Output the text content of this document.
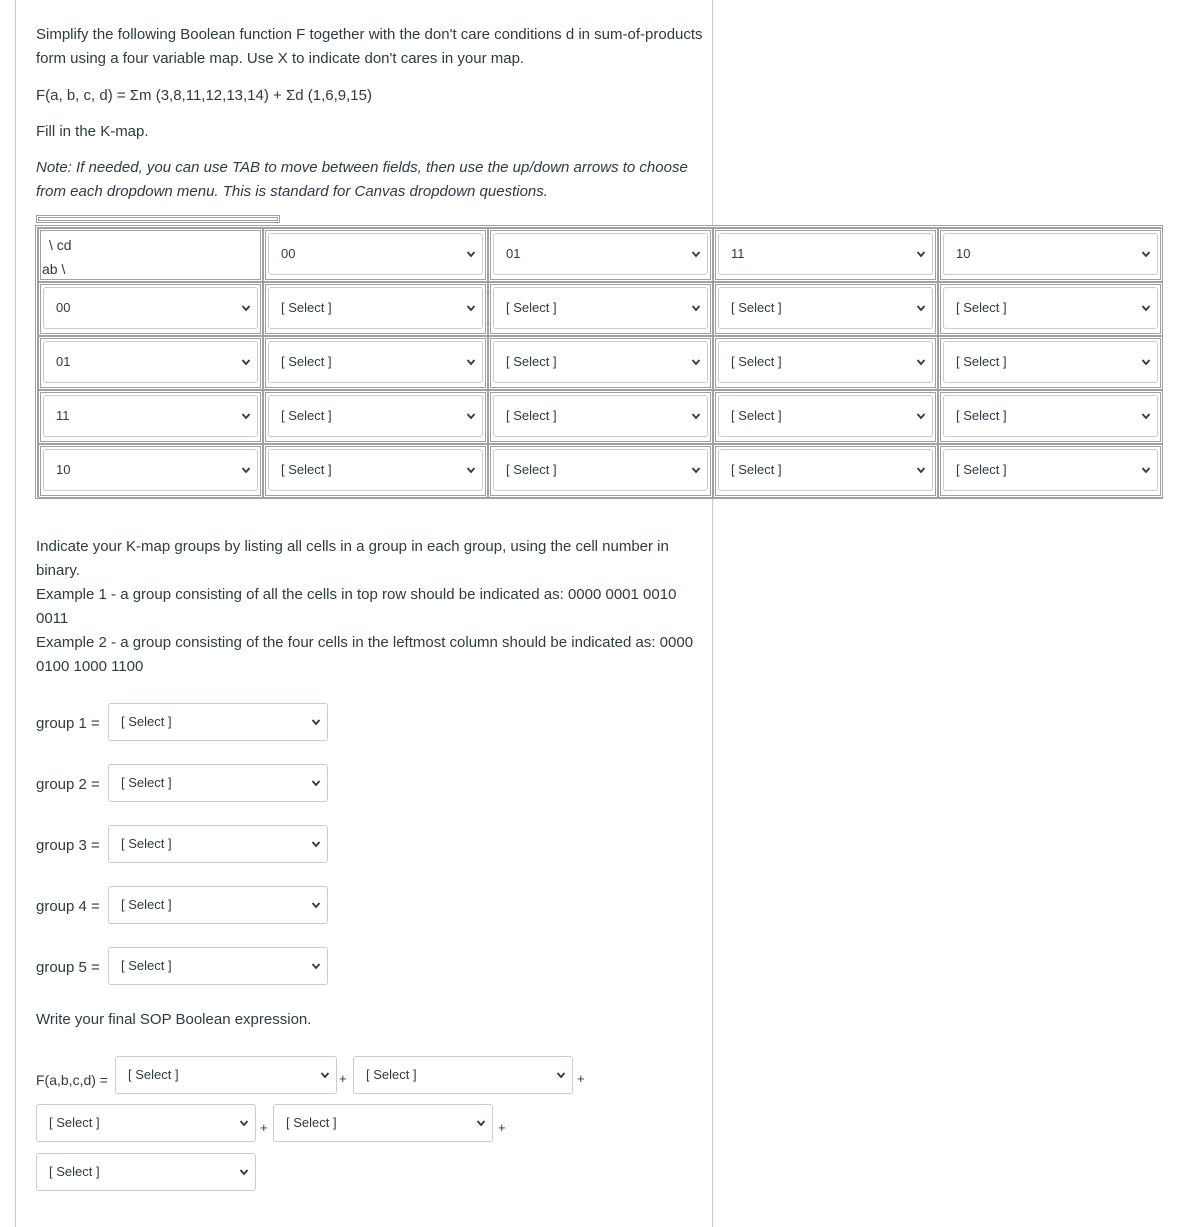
Simplify the following Boolean function F together with the don't care conditions d in sum-of-products form using a four variable map. Use X to indicate don't cares in your map.
F(a, b, c, d) = Σm (3,8,11,12,13,14) + Σd (1,6,9,15)
Fill in the K-map.
Note: If needed, you can use TAB to move between fields, then use the up/down arrows to choose from each dropdown menu. This is standard for Canvas dropdown questions.
\ cd
ab \
00	01	11	10
00	[ Select ]	[ Select ]	[ Select ]	[ Select ]
01	[ Select ]	[ Select ]	[ Select ]	[ Select ]
11	[ Select ]	[ Select ]	[ Select ]	[ Select ]
10	[ Select ]	[ Select ]	[ Select ]	[ Select ]
Indicate your K-map groups by listing all cells in a group in each group, using the cell number in binary.
Example 1 - a group consisting of all the cells in top row should be indicated as: 0000 0001 0010 0011
Example 2 - a group consisting of the four cells in the leftmost column should be indicated as: 0000 0100 1000 1100
group 1 = [ Select ]
group 2 = [ Select ]
group 3 = [ Select ]
group 4 = [ Select ]
group 5 = [ Select ]
Write your final SOP Boolean expression.
F(a,b,c,d) = [ Select ]	[ Select ]
[ Select ]	[ Select ]
[ Select ]
+	+
+	+
